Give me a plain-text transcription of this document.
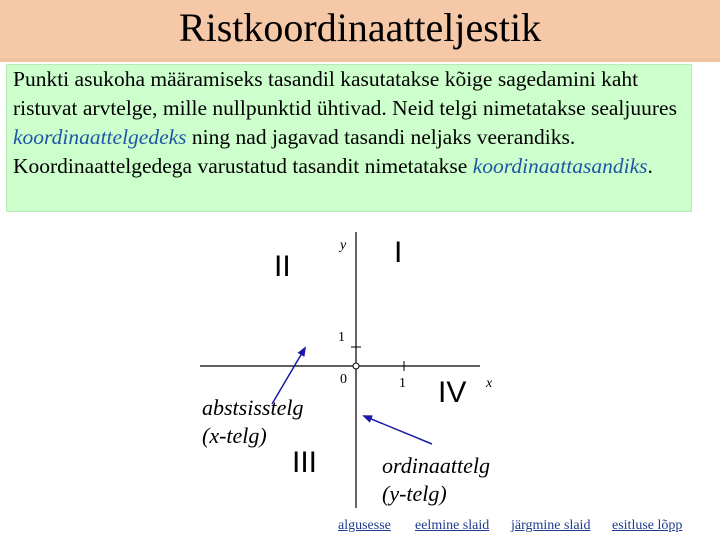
Ristkoordinaatteljestik
Punkti asukoha määramiseks tasandil kasutatakse kõige sagedamini kaht ristuvat arvtelge, mille nullpunktid ühtivad. Neid telgi nimetatakse sealjuures koordinaattelgedeks ning nad jagavad tasandi neljaks veerandiks. Koordinaattelgedega varustatud tasandit nimetatakse koordinaattasandiks.
II	I
III
IV
y
x
1
0	1
abstsisstelg
(x-telg)
ordinaattelg
(y-telg)
algusesse eelmine slaid järgmine slaid esitluse lõpp
